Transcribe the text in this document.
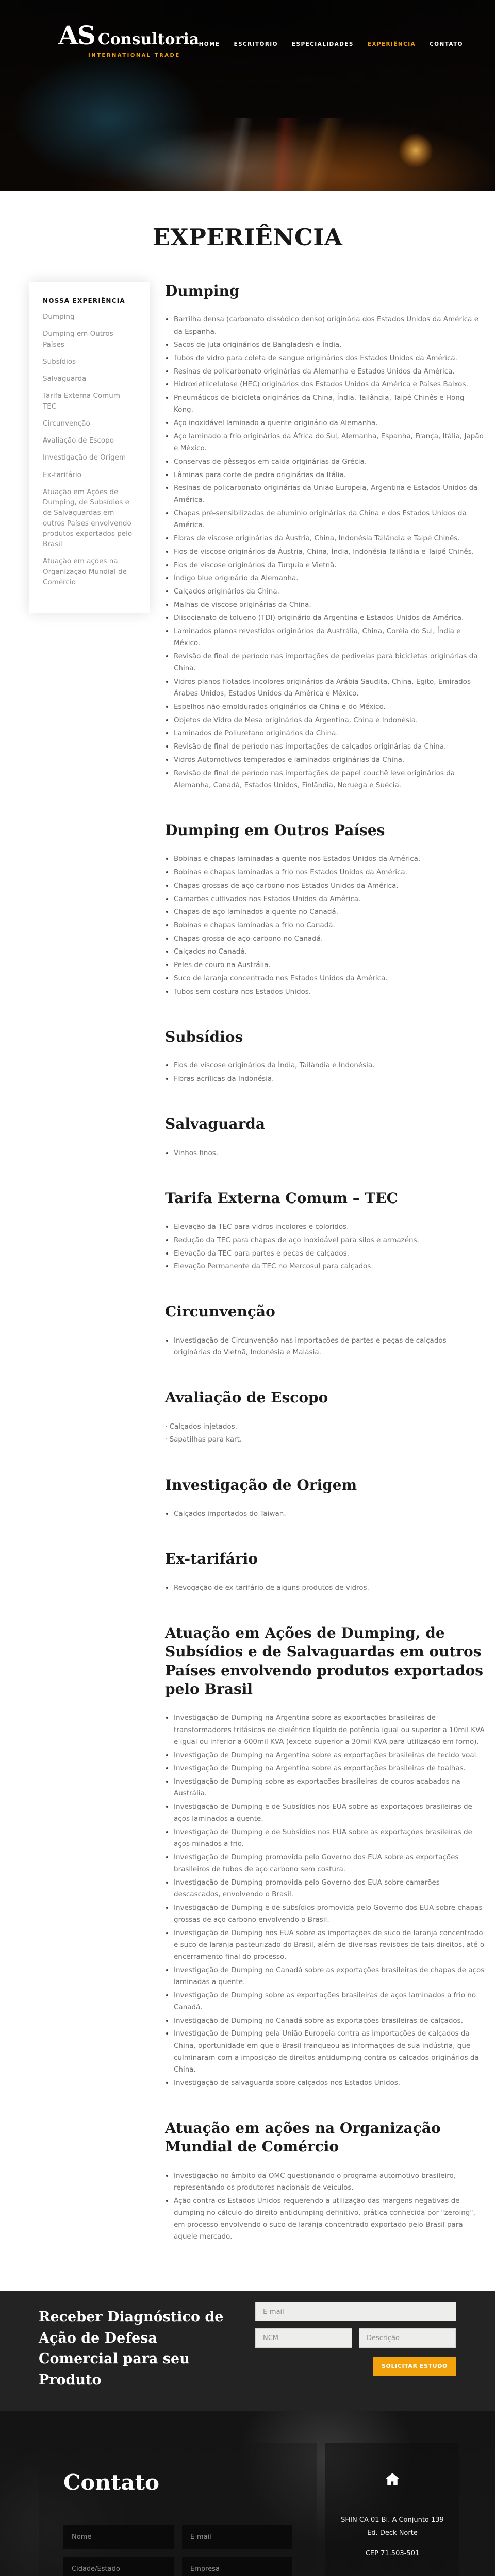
AS Consultoria
INTERNATIONAL TRADE
HOME	ESCRITÓRIO	ESPECIALIDADES	EXPERIÊNCIA	CONTATO
EXPERIÊNCIA
NOSSA EXPERIÊNCIA
Dumping
Dumping em Outros Países
Subsídios
Salvaguarda
Tarifa Externa Comum – TEC
Circunvenção
Avaliação de Escopo
Investigação de Origem
Ex-tarifário
Atuação em Ações de Dumping, de Subsídios e de Salvaguardas em outros Países envolvendo produtos exportados pelo Brasil
Atuação em ações na Organização Mundial de Comércio
Dumping
• Barrilha densa (carbonato dissódico denso) originária dos Estados Unidos da América e da Espanha.
• Sacos de juta originários de Bangladesh e Índia.
• Tubos de vidro para coleta de sangue originários dos Estados Unidos da América.
• Resinas de policarbonato originárias da Alemanha e Estados Unidos da América.
• Hidroxietilcelulose (HEC) originários dos Estados Unidos da América e Países Baixos.
• Pneumáticos de bicicleta originários da China, Índia, Tailândia, Taipé Chinês e Hong Kong.
• Aço inoxidável laminado a quente originário da Alemanha.
• Aço laminado a frio originários da África do Sul, Alemanha, Espanha, França, Itália, Japão e México.
• Conservas de pêssegos em calda originárias da Grécia.
• Lâminas para corte de pedra originárias da Itália.
• Resinas de policarbonato originárias da União Europeia, Argentina e Estados Unidos da América.
• Chapas pré-sensibilizadas de alumínio originárias da China e dos Estados Unidos da América.
• Fibras de viscose originárias da Áustria, China, Indonésia Tailândia e Taipé Chinês.
• Fios de viscose originários da Áustria, China, Índia, Indonésia Tailândia e Taipé Chinês.
• Fios de viscose originários da Turquia e Vietnã.
• Índigo blue originário da Alemanha.
• Calçados originários da China.
• Malhas de viscose originárias da China.
• Diisocianato de tolueno (TDI) originário da Argentina e Estados Unidos da América.
• Laminados planos revestidos originários da Austrália, China, Coréia do Sul, Índia e México.
• Revisão de final de período nas importações de pedivelas para bicicletas originárias da China.
• Vidros planos flotados incolores originários da Arábia Saudita, China, Egito, Emirados Árabes Unidos, Estados Unidos da América e México.
• Espelhos não emoldurados originários da China e do México.
• Objetos de Vidro de Mesa originários da Argentina, China e Indonésia.
• Laminados de Poliuretano originários da China.
• Revisão de final de período nas importações de calçados originárias da China.
• Vidros Automotivos temperados e laminados originárias da China.
• Revisão de final de período nas importações de papel couchê leve originários da Alemanha, Canadá, Estados Unidos, Finlândia, Noruega e Suécia.
Dumping em Outros Países
• Bobinas e chapas laminadas a quente nos Estados Unidos da América.
• Bobinas e chapas laminadas a frio nos Estados Unidos da América.
• Chapas grossas de aço carbono nos Estados Unidos da América.
• Camarões cultivados nos Estados Unidos da América.
• Chapas de aço laminados a quente no Canadá.
• Bobinas e chapas laminadas a frio no Canadá.
• Chapas grossa de aço-carbono no Canadá.
• Calçados no Canadá.
• Peles de couro na Austrália.
• Suco de laranja concentrado nos Estados Unidos da América.
• Tubos sem costura nos Estados Unidos.
Subsídios
• Fios de viscose originários da Índia, Tailândia e Indonésia.
• Fibras acrílicas da Indonésia.
Salvaguarda
• Vinhos finos.
Tarifa Externa Comum – TEC
• Elevação da TEC para vidros incolores e coloridos.
• Redução da TEC para chapas de aço inoxidável para silos e armazéns.
• Elevação da TEC para partes e peças de calçados.
• Elevação Permanente da TEC no Mercosul para calçados.
Circunvenção
• Investigação de Circunvenção nas importações de partes e peças de calçados originárias do Vietnã, Indonésia e Malásia.
Avaliação de Escopo
· Calçados injetados.
· Sapatilhas para kart.
Investigação de Origem
• Calçados importados do Taiwan.
Ex-tarifário
• Revogação de ex-tarifário de alguns produtos de vidros.
Atuação em Ações de Dumping, de Subsídios e de Salvaguardas em outros Países envolvendo produtos exportados pelo Brasil
• Investigação de Dumping na Argentina sobre as exportações brasileiras de transformadores trifásicos de dielétrico líquido de potência igual ou superior a 10mil KVA e igual ou inferior a 600mil KVA (exceto superior a 30mil KVA para utilização em forno).
• Investigação de Dumping na Argentina sobre as exportações brasileiras de tecido voal.
• Investigação de Dumping na Argentina sobre as exportações brasileiras de toalhas.
• Investigação de Dumping sobre as exportações brasileiras de couros acabados na Austrália.
• Investigação de Dumping e de Subsídios nos EUA sobre as exportações brasileiras de aços laminados a quente.
• Investigação de Dumping e de Subsídios nos EUA sobre as exportações brasileiras de aços minados a frio.
• Investigação de Dumping promovida pelo Governo dos EUA sobre as exportações brasileiros de tubos de aço carbono sem costura.
• Investigação de Dumping promovida pelo Governo dos EUA sobre camarões descascados, envolvendo o Brasil.
• Investigação de Dumping e de subsídios promovida pelo Governo dos EUA sobre chapas grossas de aço carbono envolvendo o Brasil.
• Investigação de Dumping nos EUA sobre as importações de suco de laranja concentrado e suco de laranja pasteurizado do Brasil, além de diversas revisões de tais direitos, até o encerramento final do processo.
• Investigação de Dumping no Canadá sobre as exportações brasileiras de chapas de aços laminadas a quente.
• Investigação de Dumping sobre as exportações brasileiras de aços laminados a frio no Canadá.
• Investigação de Dumping no Canadá sobre as exportações brasileiras de calçados.
• Investigação de Dumping pela União Europeia contra as importações de calçados da China, oportunidade em que o Brasil franqueou as informações de sua indústria, que culminaram com a imposição de direitos antidumping contra os calçados originários da China.
• Investigação de salvaguarda sobre calçados nos Estados Unidos.
Atuação em ações na Organização Mundial de Comércio
• Investigação no âmbito da OMC questionando o programa automotivo brasileiro, representando os produtores nacionais de veículos.
• Ação contra os Estados Unidos requerendo a utilização das margens negativas de dumping no cálculo do direito antidumping definitivo, prática conhecida por "zeroing", em processo envolvendo o suco de laranja concentrado exportado pelo Brasil para aquele mercado.
Receber Diagnóstico de Ação de Defesa Comercial para seu Produto
E-mail
NCM
Descrição
SOLICITAR ESTUDO
Contato
Nome
E-mail
Cidade/Estado
Empresa
SHIN CA 01 Bl. A Conjunto 139
Ed. Deck Norte
CEP 71.503-501
